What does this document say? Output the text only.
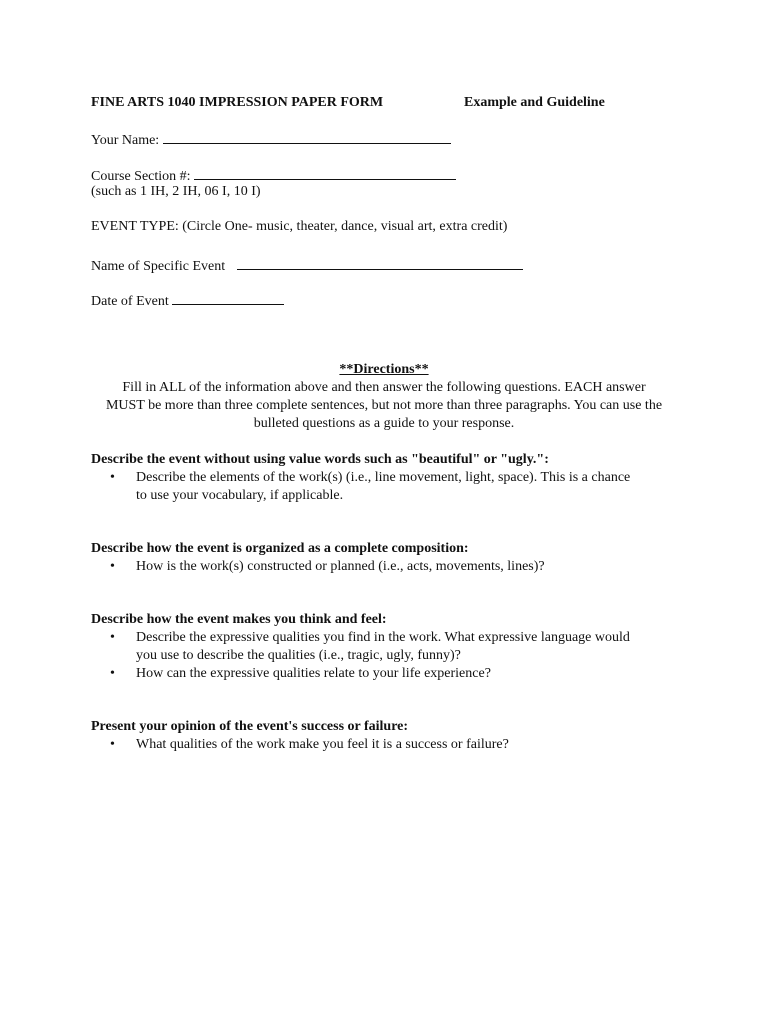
FINE ARTS 1040 IMPRESSION PAPER FORM	Example and Guideline
Your Name:
Course Section #:
(such as 1 IH, 2 IH, 06 I, 10 I)
EVENT TYPE: (Circle One- music, theater, dance, visual art, extra credit)
Name of Specific Event
Date of Event
**Directions**
Fill in ALL of the information above and then answer the following questions. EACH answer
MUST be more than three complete sentences, but not more than three paragraphs. You can use the
bulleted questions as a guide to your response.
Describe the event without using value words such as "beautiful" or "ugly.":
• Describe the elements of the work(s) (i.e., line movement, light, space). This is a chance
to use your vocabulary, if applicable.
Describe how the event is organized as a complete composition:
• How is the work(s) constructed or planned (i.e., acts, movements, lines)?
Describe how the event makes you think and feel:
• Describe the expressive qualities you find in the work. What expressive language would
you use to describe the qualities (i.e., tragic, ugly, funny)?
• How can the expressive qualities relate to your life experience?
Present your opinion of the event's success or failure:
• What qualities of the work make you feel it is a success or failure?
